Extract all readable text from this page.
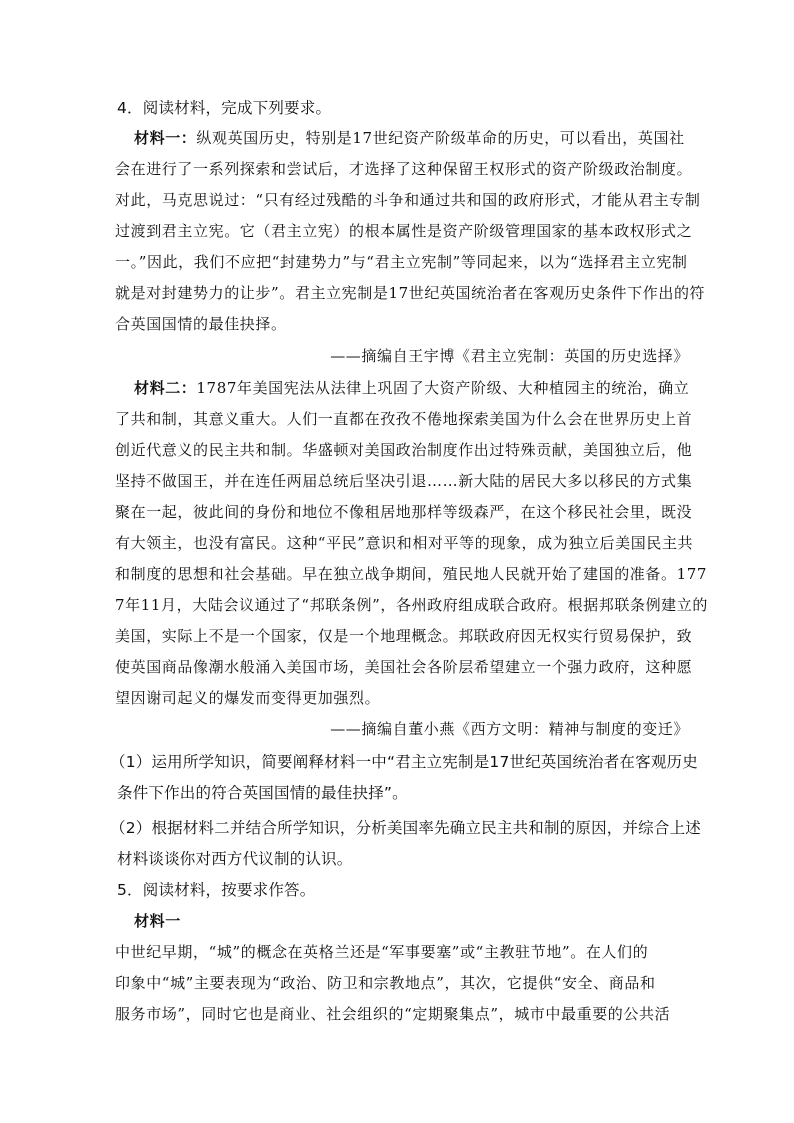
4．阅读材料，完成下列要求。
材料一：纵观英国历史，特别是17世纪资产阶级革命的历史，可以看出，英国社
会在进行了一系列探索和尝试后，才选择了这种保留王权形式的资产阶级政治制度。
对此，马克思说过：“只有经过残酷的斗争和通过共和国的政府形式，才能从君主专制
过渡到君主立宪。它（君主立宪）的根本属性是资产阶级管理国家的基本政权形式之
一。”因此，我们不应把“封建势力”与“君主立宪制”等同起来，以为“选择君主立宪制
就是对封建势力的让步”。君主立宪制是17世纪英国统治者在客观历史条件下作出的符
合英国国情的最佳抉择。
——摘编自王宇博《君主立宪制：英国的历史选择》
材料二：1787年美国宪法从法律上巩固了大资产阶级、大种植园主的统治，确立
了共和制，其意义重大。人们一直都在孜孜不倦地探索美国为什么会在世界历史上首
创近代意义的民主共和制。华盛顿对美国政治制度作出过特殊贡献，美国独立后，他
坚持不做国王，并在连任两届总统后坚决引退……新大陆的居民大多以移民的方式集
聚在一起，彼此间的身份和地位不像租居地那样等级森严，在这个移民社会里，既没
有大领主，也没有富民。这种“平民”意识和相对平等的现象，成为独立后美国民主共
和制度的思想和社会基础。早在独立战争期间，殖民地人民就开始了建国的准备。177
7年11月，大陆会议通过了“邦联条例”，各州政府组成联合政府。根据邦联条例建立的
美国，实际上不是一个国家，仅是一个地理概念。邦联政府因无权实行贸易保护，致
使英国商品像潮水般涌入美国市场，美国社会各阶层希望建立一个强力政府，这种愿
望因谢司起义的爆发而变得更加强烈。
——摘编自董小燕《西方文明：精神与制度的变迁》
（1）运用所学知识，简要阐释材料一中“君主立宪制是17世纪英国统治者在客观历史
条件下作出的符合英国国情的最佳抉择”。
（2）根据材料二并结合所学知识，分析美国率先确立民主共和制的原因，并综合上述
材料谈谈你对西方代议制的认识。
5．阅读材料，按要求作答。
材料一
中世纪早期，“城”的概念在英格兰还是“军事要塞”或“主教驻节地”。在人们的
印象中“城”主要表现为“政治、防卫和宗教地点”，其次，它提供“安全、商品和
服务市场”，同时它也是商业、社会组织的“定期聚集点”，城市中最重要的公共活
